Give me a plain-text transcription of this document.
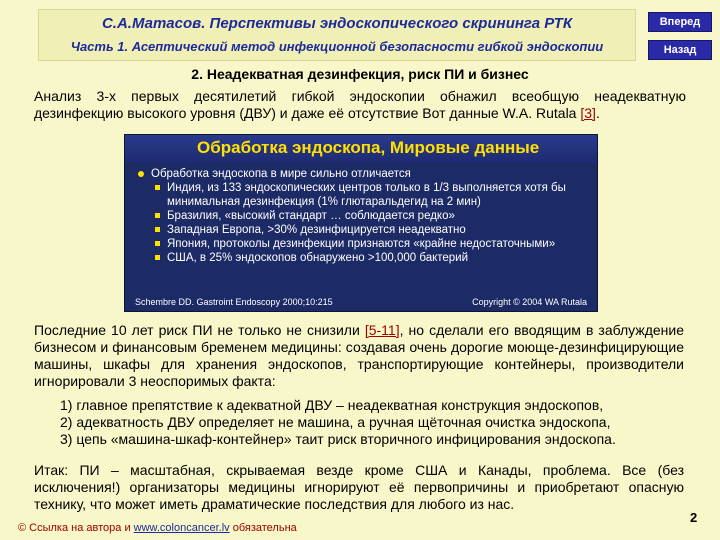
С.А.Матасов. Перспективы эндоскопического скрининга РТК
Часть 1. Асептический метод инфекционной безопасности гибкой эндоскопии
Вперед
Назад
2. Неадекватная дезинфекция, риск ПИ и бизнес
Анализ 3-х первых десятилетий гибкой эндоскопии обнажил всеобщую неадекватную дезинфекцию высокого уровня (ДВУ) и даже её отсутствие Вот данные W.A. Rutala [3].
Обработка эндоскопа, Мировые данные
Обработка эндоскопа в мире сильно отличается
Индия, из 133 эндоскопических центров только в 1/3 выполняется хотя бы
минимальная дезинфекция (1% глютаральдегид на 2 мин)
Бразилия, «высокий стандарт … соблюдается редко»
Западная Европа, >30% дезинфицируется неадекватно
Япония, протоколы дезинфекции признаются «крайне недостаточными»
США, в 25% эндоскопов обнаружено >100,000 бактерий
Schembre DD. Gastroint Endoscopy 2000;10:215	Copyright © 2004 WA Rutala
Последние 10 лет риск ПИ не только не снизили [5-11], но сделали его вводящим в заблуждение бизнесом и финансовым бременем медицины: создавая очень дорогие моюще-дезинфицирующие машины, шкафы для хранения эндоскопов, транспортирующие контейнеры, производители игнорировали 3 неоспоримых факта:

1) главное препятствие к адекватной ДВУ – неадекватная конструкция эндоскопов,

2) адекватность ДВУ определяет не машина, а ручная щёточная очистка эндоскопа,

3) цепь «машина-шкаф-контейнер» таит риск вторичного инфицирования эндоскопа.

Итак: ПИ – масштабная, скрываемая везде кроме США и Канады, проблема. Все (без исключения!) организаторы медицины игнорируют её первопричины и приобретают опасную технику, что может иметь драматические последствия для любого из нас.
© Ссылка на автора и www.coloncancer.lv обязательна
2
